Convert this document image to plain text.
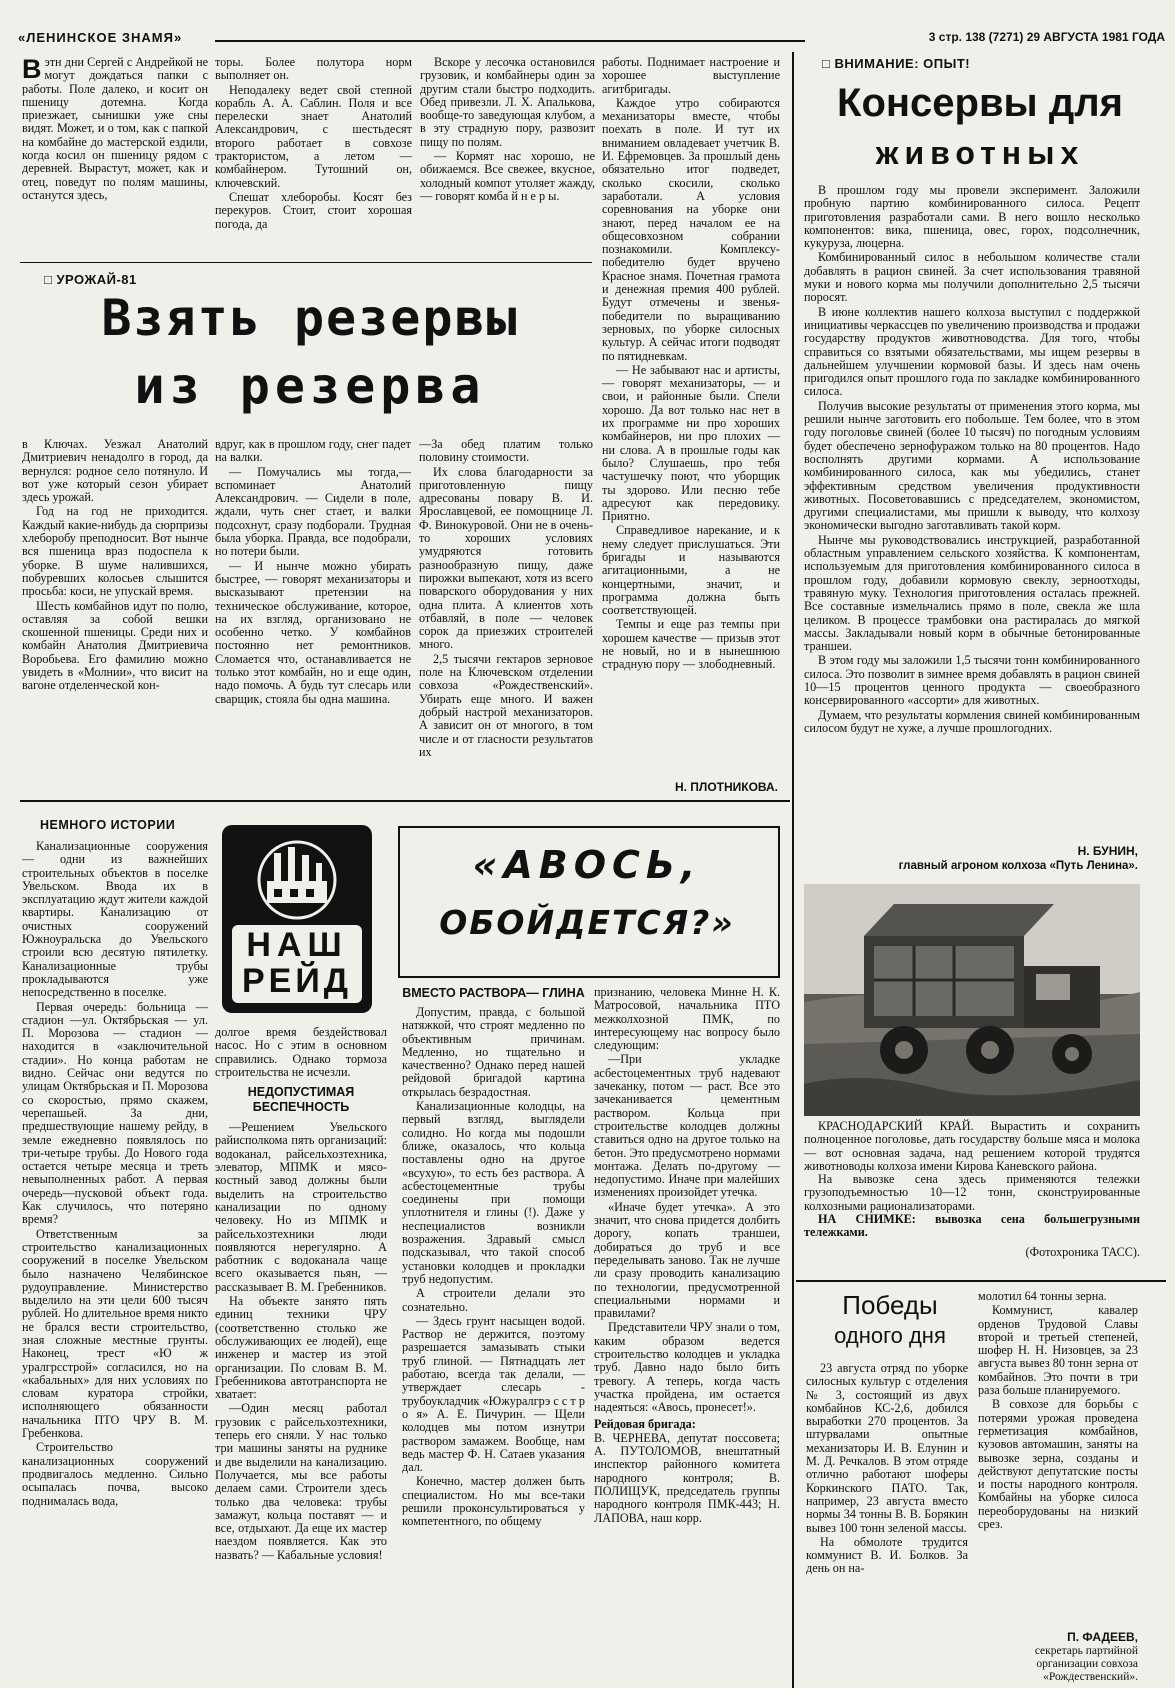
«ЛЕНИНСКОЕ ЗНАМЯ»	3 стр. 138 (7271) 29 АВГУСТА 1981 ГОДА
В этн дни Сергей с Андрейкой не могут дождаться папки с работы. Поле далеко, и косит он пшеницу дотемна. Когда приезжает, сынишки уже сны видят. Может, и о том, как с папкой на комбайне до мастерской ездили, когда косил он пшеницу рядом с деревней. Вырастут, может, как и отец, поведут по полям машины, останутся здесь,

торы. Более полутора норм выполняет он.

Неподалеку ведет свой степной корабль А. А. Саблин. Поля и все перелески знает Анатолий Александрович, с шестьдесят второго работает в совхозе трактористом, а летом — комбайнером. Тутошний он, ключевский.

Спешат хлеборобы. Косят без перекуров. Стоит, стоит хорошая погода, да

Вскоре у лесочка остановился грузовик, и комбайнеры один за другим стали быстро подходить. Обед привезли. Л. Х. Апалькова, вообще-то заведующая клубом, а в эту страдную пору, развозит пищу по полям.

— Кормят нас хорошо, не обижаемся. Все свежее, вкусное, холодный компот утоляет жажду,— говорят комба й н е р ы.

□ УРОЖАЙ-81
Взять резервы
из резерва

в Ключах. Уезжал Анатолий Дмитриевич ненадолго в город, да вернулся: родное село потянуло. И вот уже который сезон убирает здесь урожай.

Год на год не приходится. Каждый какие-нибудь да сюрпризы хлеборобу преподносит. Вот нынче вся пшеница враз подоспела к уборке. В шуме налившихся, побуревших колосьев слышится просьба: коси, не упускай время.

Шесть комбайнов идут по полю, оставляя за собой вешки скошенной пшеницы. Среди них и комбайн Анатолия Дмитриевича Воробьева. Его фамилию можно увидеть в «Молнии», что висит на вагоне отделенческой кон-

вдруг, как в прошлом году, снег падет на валки.

— Помучались мы тогда,— вспоминает Анатолий Александрович. — Сидели в поле, ждали, чуть снег стает, и валки подсохнут, сразу подборали. Трудная была уборка. Правда, все подобрали, но потери были.

— И нынче можно убирать быстрее, — говорят механизаторы и высказывают претензии на техническое обслуживание, которое, на их взгляд, организовано не особенно четко. У комбайнов постоянно нет ремонтников. Сломается что, останавливается не только этот комбайн, но и еще один, надо помочь. А будь тут слесарь или сварщик, стояла бы одна машина.

—За обед платим только половину стоимости.

Их слова благодарности за приготовленную пищу адресованы повару В. И. Ярославцевой, ее помощнице Л. Ф. Винокуровой. Они не в очень-то хороших условиях умудряются готовить разнообразную пищу, даже пирожки выпекают, хотя из всего поварского оборудования у них одна плита. А клиентов хоть отбавляй, в поле — человек сорок да приезжих строителей много.

2,5 тысячи гектаров зерновое поле на Ключевском отделении совхоза «Рождественский». Убирать еще много. И важен добрый настрой механизаторов. А зависит он от многого, в том числе и от гласности результатов их

работы. Поднимает настроение и хорошее выступление агитбригады.

Каждое утро собираются механизаторы вместе, чтобы поехать в поле. И тут их вниманием овладевает учетчик В. И. Ефремовцев. За прошлый день обязательно итог подведет, сколько скосили, сколько заработали. А условия соревнования на уборке они знают, перед началом ее на общесовхозном собрании познакомили. Комплексу-победителю будет вручено Красное знамя. Почетная грамота и денежная премия 400 рублей. Будут отмечены и звенья-победители по выращиванию зерновых, по уборке силосных культур. А сейчас итоги подводят по пятидневкам.

— Не забывают нас и артисты, — говорят механизаторы, — и свои, и районные были. Спели хорошо. Да вот только нас нет в их программе ни про хороших комбайнеров, ни про плохих — ни слова. А в прошлые годы как было? Слушаешь, про тебя частушечку поют, что уборщик ты здорово. Или песню тебе адресуют как передовику. Приятно.

Справедливое нарекание, и к нему следует прислушаться. Эти бригады и называются агитационными, а не концертными, значит, и программа должна быть соответствующей.

Темпы и еще раз темпы при хорошем качестве — призыв этот не новый, но и в нынешнюю страдную пору — злободневный.

Н. ПЛОТНИКОВА.
□ ВНИМАНИЕ: ОПЫТ!
Консервы для
животных

В прошлом году мы провели эксперимент. Заложили пробную партию комбинированного силоса. Рецепт приготовления разработали сами. В него вошло несколько компонентов: вика, пшеница, овес, горох, подсолнечник, кукуруза, люцерна.

Комбинированный силос в небольшом количестве стали добавлять в рацион свиней. За счет использования травяной муки и нового корма мы получили дополнительно 2,5 тысячи поросят.

В июне коллектив нашего колхоза выступил с поддержкой инициативы черкассцев по увеличению производства и продажи государству продуктов животноводства. Для того, чтобы справиться со взятыми обязательствами, мы ищем резервы в дальнейшем улучшении кормовой базы. И здесь нам очень пригодился опыт прошлого года по закладке комбинированного силоса.

Получив высокие результаты от применения этого корма, мы решили нынче заготовить его побольше. Тем более, что в этом году поголовье свиней (более 10 тысяч) по погодным условиям будет обеспечено зернофуражом только на 80 процентов. Надо восполнять другими кормами. А использование комбинированного силоса, как мы убедились, станет эффективным средством увеличения продуктивности животных. Посоветовавшись с председателем, экономистом, другими специалистами, мы пришли к выводу, что колхозу экономически выгодно заготавливать такой корм.

Нынче мы руководствовались инструкцией, разработанной областным управлением сельского хозяйства. К компонентам, используемым для приготовления комбинированного силоса в прошлом году, добавили кормовую свеклу, зерноотходы, травяную муку. Технология приготовления осталась прежней. Все составные измельчались прямо в поле, свекла же шла целиком. В процессе трамбовки она растиралась до мягкой массы. Закладывали новый корм в обычные бетонированные траншеи.

В этом году мы заложили 1,5 тысячи тонн комбинированного силоса. Это позволит в зимнее время добавлять в рацион свиней 10—15 процентов ценного продукта — своеобразного консервированного «ассорти» для животных.

Думаем, что результаты кормления свиней комбинированным силосом будут не хуже, а лучше прошлогодних.

Н. БУНИН,
главный агроном колхоза «Путь Ленина».
КРАСНОДАРСКИЙ КРАЙ. Вырастить и сохранить полноценное поголовье, дать государству больше мяса и молока — вот основная задача, над решением которой трудятся животноводы колхоза имени Кирова Каневского района.
На вывозке сена здесь применяются тележки грузоподъемностью 10—12 тонн, сконструированные колхозными рационализаторами.
НА СНИМКЕ: вывозка сена большегрузными тележками.
(Фотохроника ТАСС).
Победы
одного дня

23 августа отряд по уборке силосных культур с отделения № 3, состоящий из двух комбайнов КС-2,6, добился выработки 270 процентов. За штурвалами опытные механизаторы И. В. Елунин и М. Д. Речкалов. В этом отряде отлично работают шоферы Коркинского ПАТО. Так, например, 23 августа вместо нормы 34 тонны В. В. Борякин вывез 100 тонн зеленой массы.

На обмолоте трудится коммунист В. И. Болков. За день он на-

молотил 64 тонны зерна.

Коммунист, кавалер орденов Трудовой Славы второй и третьей степеней, шофер Н. Н. Низовцев, за 23 августа вывез 80 тонн зерна от комбайнов. Это почти в три раза больше планируемого.

В совхозе для борьбы с потерями урожая проведена герметизация комбайнов, кузовов автомашин, заняты на вывозке зерна, созданы и действуют депутатские посты и посты народного контроля. Комбайны на уборке силоса переоборудованы на низкий срез.

П. ФАДЕЕВ,
секретарь партийной организации совхоза «Рождественский».
НЕМНОГО ИСТОРИИ

Канализационные сооружения — одни из важнейших строительных объектов в поселке Увельском. Ввода их в эксплуатацию ждут жители каждой квартиры. Канализацию от очистных сооружений Южноуральска до Увельского строили всю десятую пятилетку. Канализационные трубы прокладываются уже непосредственно в поселке.

Первая очередь: больница — стадион —ул. Октябрьская — ул. П. Морозова — стадион — находится в «заключительной стадии». Но конца работам не видно. Сейчас они ведутся по улицам Октябрьская и П. Морозова со скоростью, прямо скажем, черепашьей. За дни, предшествующие нашему рейду, в земле ежедневно появлялось по три-четыре трубы. До Нового года остается четыре месяца и треть невыполненных работ. А первая очередь—пусковой объект года. Как случилось, что потеряно время?

Ответственным за строительство канализационных сооружений в поселке Увельском было назначено Челябинское рудоуправление. Министерство выделило на эти цели 600 тысяч рублей. Но длительное время никто не брался вести строительство, зная сложные местные грунты. Наконец, трест «Ю ж уралгрсстрой» согласился, но на «кабальных» для них условиях по словам куратора стройки, исполняющего обязанности начальника ПТО ЧРУ В. М. Гребенкова.

Строительство канализационных сооружений продвигалось медленно. Сильно осыпалась почва, высоко поднималась вода,

НАШ
РЕЙД
«АВОСЬ,
ОБОЙДЕТСЯ?»

долгое время бездействовал насос. Но с этим в основном справились. Однако тормоза строительства не исчезли.

НЕДОПУСТИМАЯ БЕСПЕЧНОСТЬ

—Решением Увельского райисполкома пять организаций: водоканал, райсельхозтехника, элеватор, МПМК и мясо-костный завод должны были выделить на строительство канализации по одному человеку. Но из МПМК и райсельхозтехники люди появляются нерегулярно. А работник с водоканала чаще всего оказывается пьян, — рассказывает В. М. Гребенников.

На объекте занято пять единиц техники ЧРУ (соответственно столько же обслуживающих ее людей), еще инженер и мастер из этой организации. По словам В. М. Гребенникова автотранспорта не хватает:

—Один месяц работал грузовик с райсельхозтехники, теперь его сняли. У нас только три машины заняты на руднике и две выделили на канализацию. Получается, мы все работы делаем сами. Строители здесь только два человека: трубы замажут, кольца поставят — и все, отдыхают. Да еще их мастер наездом появляется. Как это назвать? — Кабальные условия!

ВМЕСТО РАСТВОРА— ГЛИНА

Допустим, правда, с большой натяжкой, что строят медленно по объективным причинам. Медленно, но тщательно и качественно? Однако перед нашей рейдовой бригадой картина открылась безрадостная.

Канализационные колодцы, на первый взгляд, выглядели солидно. Но когда мы подошли ближе, оказалось, что кольца поставлены одно на другое «всухую», то есть без раствора. А асбестоцементные трубы соединены при помощи уплотнителя и глины (!). Даже у неспециалистов возникли возражения. Здравый смысл подсказывал, что такой способ установки колодцев и прокладки труб недопустим.

А строители делали это сознательно.

— Здесь грунт насыщен водой. Раствор не держится, поэтому разрешается замазывать стыки труб глиной. — Пятнадцать лет работаю, всегда так делали, — утверждает слесарь - трубоукладчик «Южуралгрэ с с т р о я» А. Е. Пичурин. — Щели колодцев мы потом изнутри раствором замажем. Вообще, нам ведь мастер Ф. Н. Сатаев указания дал.

Конечно, мастер должен быть специалистом. Но мы все-таки решили проконсультироваться у компетентного, по общему

признанию, человека Минне Н. К. Матросовой, начальника ПТО межколхозной ПМК, по интересующему нас вопросу было следующим:

—При укладке асбестоцементных труб надевают зачеканку, потом — раст. Все это зачеканивается цементным раствором. Кольца при строительстве колодцев должны ставиться одно на другое только на бетон. Это предусмотрено нормами монтажа. Делать по-другому — недопустимо. Иначе при малейших изменениях произойдет утечка.

«Иначе будет утечка». А это значит, что снова придется долбить дорогу, копать траншеи, добираться до труб и все переделывать заново. Так не лучше ли сразу проводить канализацию по технологии, предусмотренной специальными нормами и правилами?

Представители ЧРУ знали о том, каким образом ведется строительство колодцев и укладка труб. Давно надо было бить тревогу. А теперь, когда часть участка пройдена, им остается надеяться: «Авось, пронесет!».

Рейдовая бригада:

В. ЧЕРНЕВА, депутат поссовета; А. ПУТОЛОМОВ, внештатный инспектор районного комитета народного контроля; В. ПОЛИЩУК, председатель группы народного контроля ПМК-443; Н. ЛАПОВА, наш корр.
